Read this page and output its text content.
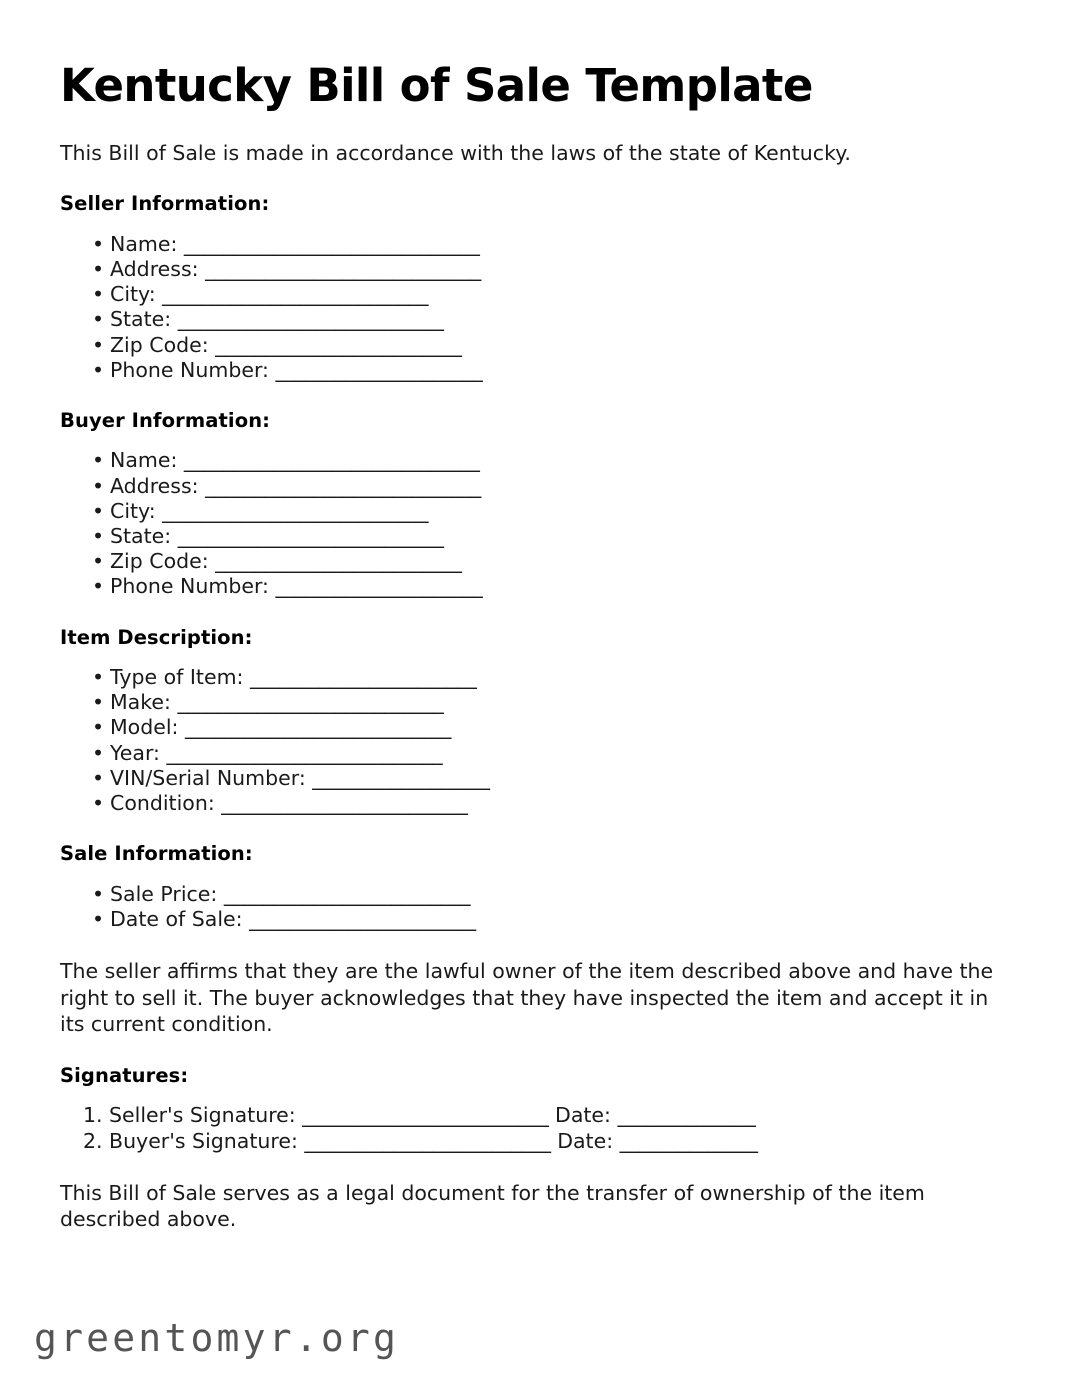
Kentucky Bill of Sale Template

This Bill of Sale is made in accordance with the laws of the state of Kentucky.

Seller Information:
• Name: ______________________________
• Address: ____________________________
• City: ___________________________
• State: ___________________________
• Zip Code: _________________________
• Phone Number: _____________________
Buyer Information:
• Name: ______________________________
• Address: ____________________________
• City: ___________________________
• State: ___________________________
• Zip Code: _________________________
• Phone Number: _____________________
Item Description:
• Type of Item: _______________________
• Make: ___________________________
• Model: ___________________________
• Year: ____________________________
• VIN/Serial Number: __________________
• Condition: _________________________
Sale Information:
• Sale Price: _________________________
• Date of Sale: _______________________

The seller affirms that they are the lawful owner of the item described above and have the right to sell it. The buyer acknowledges that they have inspected the item and accept it in its current condition.

Signatures:
Seller's Signature: _________________________ Date: ______________
Buyer's Signature: _________________________ Date: ______________

This Bill of Sale serves as a legal document for the transfer of ownership of the item described above.

greentomyr.org
